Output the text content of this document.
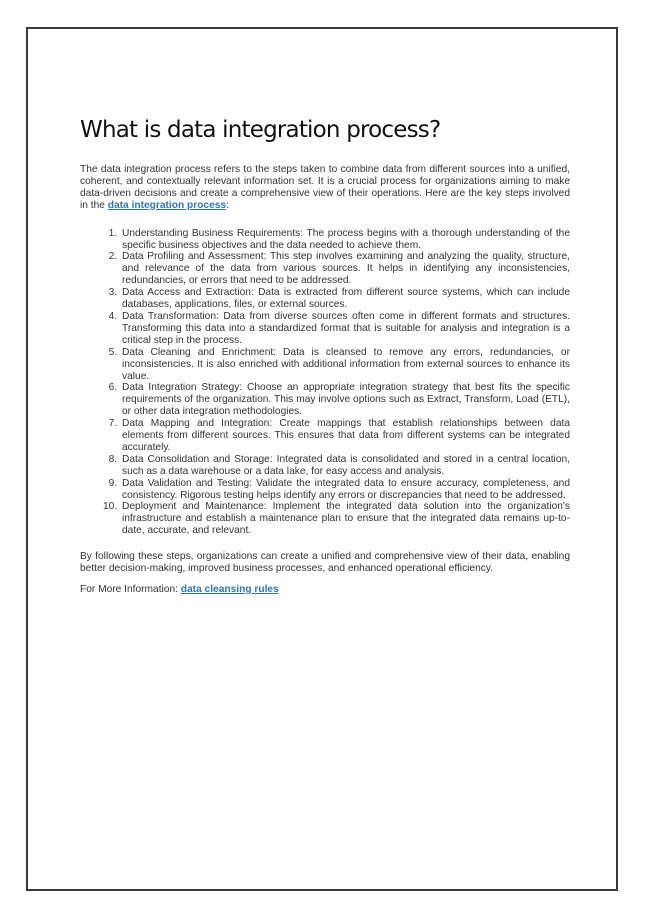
What is data integration process?

The data integration process refers to the steps taken to combine data from different sources into a unified, coherent, and contextually relevant information set. It is a crucial process for organizations aiming to make data-driven decisions and create a comprehensive view of their operations. Here are the key steps involved in the data integration process:

1. Understanding Business Requirements: The process begins with a thorough understanding of the specific business objectives and the data needed to achieve them.
2. Data Profiling and Assessment: This step involves examining and analyzing the quality, structure, and relevance of the data from various sources. It helps in identifying any inconsistencies, redundancies, or errors that need to be addressed.
3. Data Access and Extraction: Data is extracted from different source systems, which can include databases, applications, files, or external sources.
4. Data Transformation: Data from diverse sources often come in different formats and structures. Transforming this data into a standardized format that is suitable for analysis and integration is a critical step in the process.
5. Data Cleaning and Enrichment: Data is cleansed to remove any errors, redundancies, or inconsistencies. It is also enriched with additional information from external sources to enhance its value.
6. Data Integration Strategy: Choose an appropriate integration strategy that best fits the specific requirements of the organization. This may involve options such as Extract, Transform, Load (ETL), or other data integration methodologies.
7. Data Mapping and Integration: Create mappings that establish relationships between data elements from different sources. This ensures that data from different systems can be integrated accurately.
8. Data Consolidation and Storage: Integrated data is consolidated and stored in a central location, such as a data warehouse or a data lake, for easy access and analysis.
9. Data Validation and Testing: Validate the integrated data to ensure accuracy, completeness, and consistency. Rigorous testing helps identify any errors or discrepancies that need to be addressed.
10. Deployment and Maintenance: Implement the integrated data solution into the organization's infrastructure and establish a maintenance plan to ensure that the integrated data remains up-to-date, accurate, and relevant.

By following these steps, organizations can create a unified and comprehensive view of their data, enabling better decision-making, improved business processes, and enhanced operational efficiency.

For More Information: data cleansing rules
